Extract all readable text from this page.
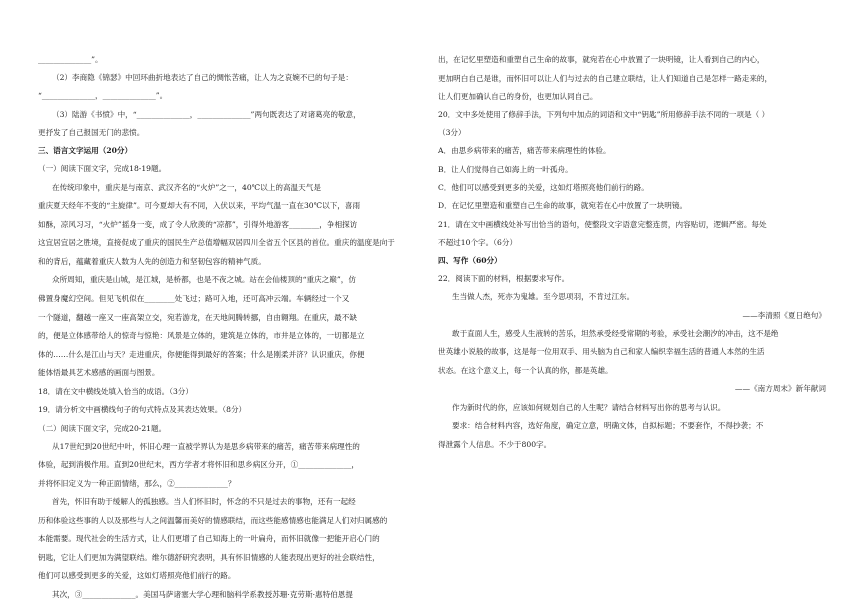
______________”。
（2）李商隐《锦瑟》中回环曲折地表达了自己的惆怅苦痛，让人为之哀婉不已的句子是：
“______________，______________”。
（3）陆游《书愤》中，“______________，______________”两句既表达了对诸葛亮的敬意，
更抒发了自己报国无门的悲愤。
三、语言文字运用（20分）
（一）阅读下面文字，完成18-19题。
在传统印象中，重庆是与南京、武汉齐名的“火炉”之一，40℃以上的高温天气是
重庆夏天经年不变的“主旋律”。可今夏却大有不同，入伏以来，平均气温一直在30℃以下，喜雨
如酥，凉风习习，“火炉”摇身一变，成了令人欣羡的“凉都”，引得外地游客________，争相探访
这宜居宜居之胜境，直接促成了重庆的国民生产总值增幅双居四川全省五个区县的首位。重庆的温度是向于
和的背后，蕴藏着重庆人数为人先的创造力和坚韧包容的精神气质。
众所周知，重庆是山城，是江城，是桥都，也是不夜之城。站在会仙楼顶的“重庆之巅”，仿
佛置身魔幻空间。但见飞机似在________处飞过；路可入地，还可高冲云端。车辆经过一个又
一个隧道，翻越一座又一座高架立交，宛若游龙，在天地间腾转挪，自由翱翔。在重庆，最不缺
的，便是立体感带给人的惊奇与惊艳：风景是立体的，建筑是立体的，市井是立体的，一切都是立
体的……什么是江山与天？走进重庆，你便能得到最好的答案；什么是刚柔并济？认识重庆，你便
能体悟最具艺术感感的画面与图景。
18．请在文中横线处填入恰当的成语。（3分）
19．请分析文中画横线句子的句式特点及其表达效果。（8分）
（二）阅读下面文字，完成20-21题。
从17世纪到20世纪中叶，怀旧心理一直被学界认为是思乡病带来的痛苦，痛苦带来病理性的
体验，起到消极作用。直到20世纪末，西方学者才将怀旧和思乡病区分开，①______________，
并将怀旧定义为一种正面情绪，那么，②______________？
首先，怀旧有助于缓解人的孤独感。当人们怀旧时，怀念的不只是过去的事物，还有一起经
历和体验这些事的人以及那些与人之间温馨而美好的情感联结，而这些能感情感也能满足人们对归属感的
本能需要。现代社会的生活方式，让人们更增了自己知海上的一叶扁舟，而怀旧就像一把能开启心门的
钥匙，它让人们更加为满望联结。维尔德舒研究表明，具有怀旧情感的人能表现出更好的社会联结性，
他们可以感受到更多的关爱，这如灯塔照亮他们前行的路。
其次，③______________。美国马萨诸塞大学心理和脑科学系教授苏珊·克劳斯·惠特伯恩提
出，在记忆里塑造和重塑自己生命的故事，就宛若在心中放置了一块明镜，让人看到自己的内心，
更加明白自己是谁，而怀旧可以让人们与过去的自己建立联结，让人们知道自己是怎样一路走来的，
让人们更加确认自己的身份，也更加认同自己。
20．文中多处使用了修辞手法，下列句中加点的词语和文中“钥匙”所用修辞手法不同的一项是（ ）
（3分）
A．由思乡病带来的痛苦，痛苦带来病理性的体验。
B．让人们觉得自己如海上的一叶孤舟。
C．他们可以感受到更多的关爱，这如灯塔照亮他们前行的路。
D．在记忆里塑造和重塑自己生命的故事，就宛若在心中放置了一块明镜。
21．请在文中画横线处补写出恰当的语句，使整段文字语意完整连贯，内容贴切，逻辑严密。每处
不超过10个字。（6分）
四、写作（60分）
22．阅读下面的材料，根据要求写作。
生当做人杰，死亦为鬼雄。至今思项羽，不肯过江东。
——李清照《夏日绝句》
敢于直面人生，感受人生液转的苦乐，坦然承受经受常期的考验，承受社会潮汐的冲击，这不是绝
世英雄小说般的故事，这是每一位用双手、用头脑为自己和家人编织幸福生活的普通人本然的生活
状态。在这个意义上，每一个认真的你，都是英雄。
——《南方周末》新年献词
作为新时代的你，应该如何规划自己的人生呢？请结合材料写出你的思考与认识。
要求：结合材料内容，选好角度，确定立意，明确文体，自拟标题；不要套作，不得抄袭；不
得泄露个人信息。不少于800字。
